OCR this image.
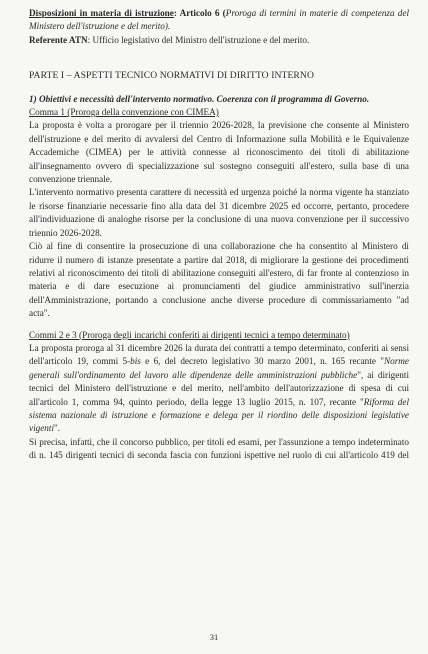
Disposizioni in materia di istruzione: Articolo 6 (Proroga di termini in materie di competenza del
Ministero dell'istruzione e del merito).
Referente ATN: Ufficio legislativo del Ministro dell'istruzione e del merito.
PARTE I – ASPETTI TECNICO NORMATIVI DI DIRITTO INTERNO
1) Obiettivi e necessità dell'intervento normativo. Coerenza con il programma di Governo.
Comma 1 (Proroga della convenzione con CIMEA)
La proposta è volta a prorogare per il triennio 2026-2028, la previsione che consente al Ministero
dell'istruzione e del merito di avvalersi del Centro di Informazione sulla Mobilità e le Equivalenze
Accademiche (CIMEA) per le attività connesse al riconoscimento dei titoli di abilitazione
all'insegnamento ovvero di specializzazione sul sostegno conseguiti all'estero, sulla base di una
convenzione triennale.
L'intervento normativo presenta carattere di necessità ed urgenza poiché la norma vigente ha stanziato
le risorse finanziarie necessarie fino alla data del 31 dicembre 2025 ed occorre, pertanto, procedere
all'individuazione di analoghe risorse per la conclusione di una nuova convenzione per il successivo
triennio 2026-2028.
Ciò al fine di consentire la prosecuzione di una collaborazione che ha consentito al Ministero di
ridurre il numero di istanze presentate a partire dal 2018, di migliorare la gestione dei procedimenti
relativi al riconoscimento dei titoli di abilitazione conseguiti all'estero, di far fronte al contenzioso in
materia e di dare esecuzione ai pronunciamenti del giudice amministrativo sull'inerzia
dell'Amministrazione, portando a conclusione anche diverse procedure di commissariamento "ad
acta".
Commi 2 e 3 (Proroga degli incarichi conferiti ai dirigenti tecnici a tempo determinato)
La proposta proroga al 31 dicembre 2026 la durata dei contratti a tempo determinato, conferiti ai sensi
dell'articolo 19, commi 5-bis e 6, del decreto legislativo 30 marzo 2001, n. 165 recante "Norme
generali sull'ordinamento del lavoro alle dipendenze delle amministrazioni pubbliche", ai dirigenti
tecnici del Ministero dell'istruzione e del merito, nell'ambito dell'autorizzazione di spesa di cui
all'articolo 1, comma 94, quinto periodo, della legge 13 luglio 2015, n. 107, recante "Riforma del
sistema nazionale di istruzione e formazione e delega per il riordino delle disposizioni legislative
vigenti".
Si precisa, infatti, che il concorso pubblico, per titoli ed esami, per l'assunzione a tempo indeterminato
di n. 145 dirigenti tecnici di seconda fascia con funzioni ispettive nel ruolo di cui all'articolo 419 del
31
